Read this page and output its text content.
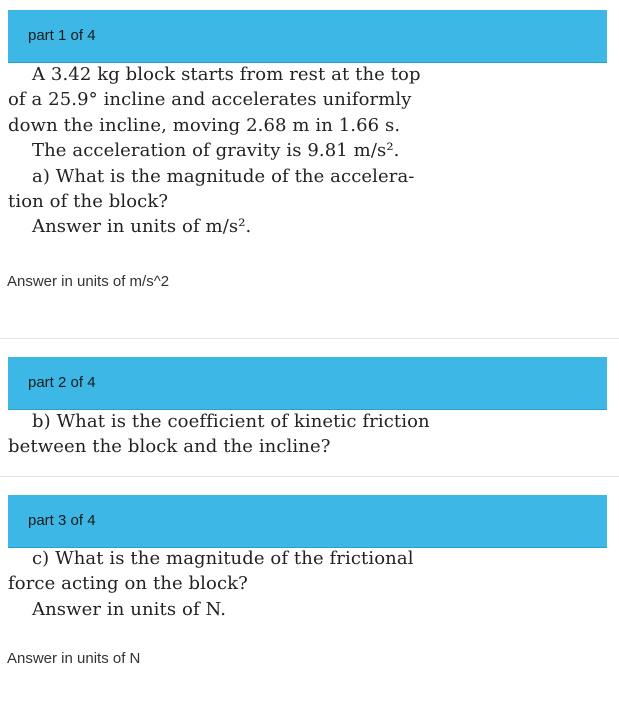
part 1 of 4
A 3.42 kg block starts from rest at the top
of a 25.9° incline and accelerates uniformly
down the incline, moving 2.68 m in 1.66 s.
The acceleration of gravity is 9.81 m/s².
a) What is the magnitude of the accelera-
tion of the block?
Answer in units of m/s².
Answer in units of m/s^2
part 2 of 4
b) What is the coefficient of kinetic friction
between the block and the incline?
part 3 of 4
c) What is the magnitude of the frictional
force acting on the block?
Answer in units of N.
Answer in units of N
